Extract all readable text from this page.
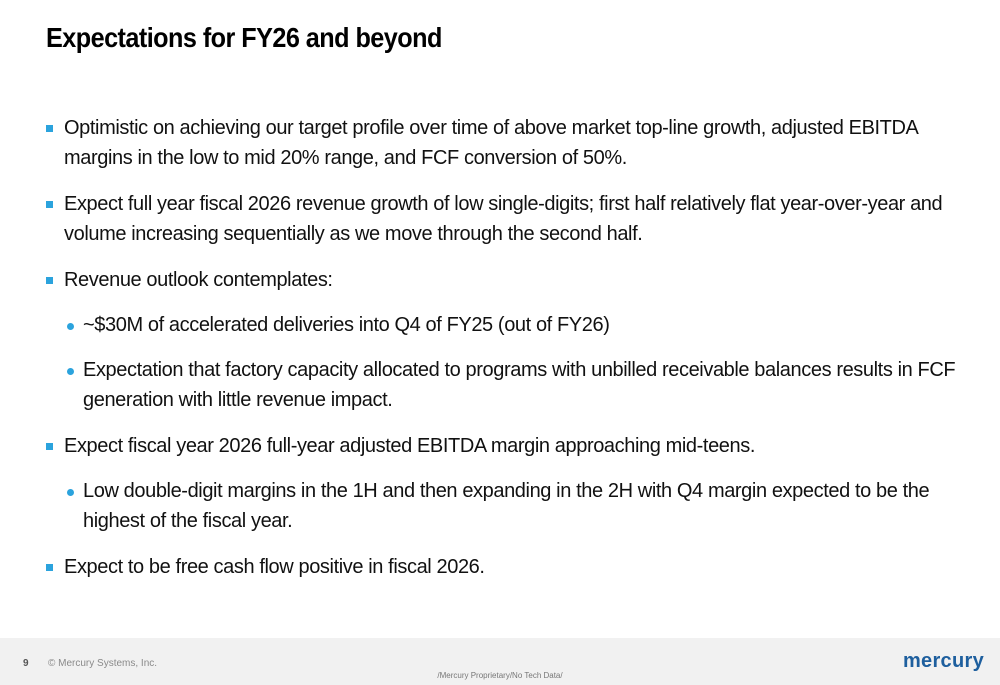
Expectations for FY26 and beyond
Optimistic on achieving our target profile over time of above market top-line growth, adjusted EBITDA margins in the low to mid 20% range, and FCF conversion of 50%.
Expect full year fiscal 2026 revenue growth of low single-digits; first half relatively flat year-over-year and volume increasing sequentially as we move through the second half.
Revenue outlook contemplates:
~$30M of accelerated deliveries into Q4 of FY25 (out of FY26)
Expectation that factory capacity allocated to programs with unbilled receivable balances results in FCF generation with little revenue impact.
Expect fiscal year 2026 full-year adjusted EBITDA margin approaching mid-teens.
Low double-digit margins in the 1H and then expanding in the 2H with Q4 margin expected to be the highest of the fiscal year.
Expect to be free cash flow positive in fiscal 2026.
9 © Mercury Systems, Inc.
/Mercury Proprietary/No Tech Data/
mercury
